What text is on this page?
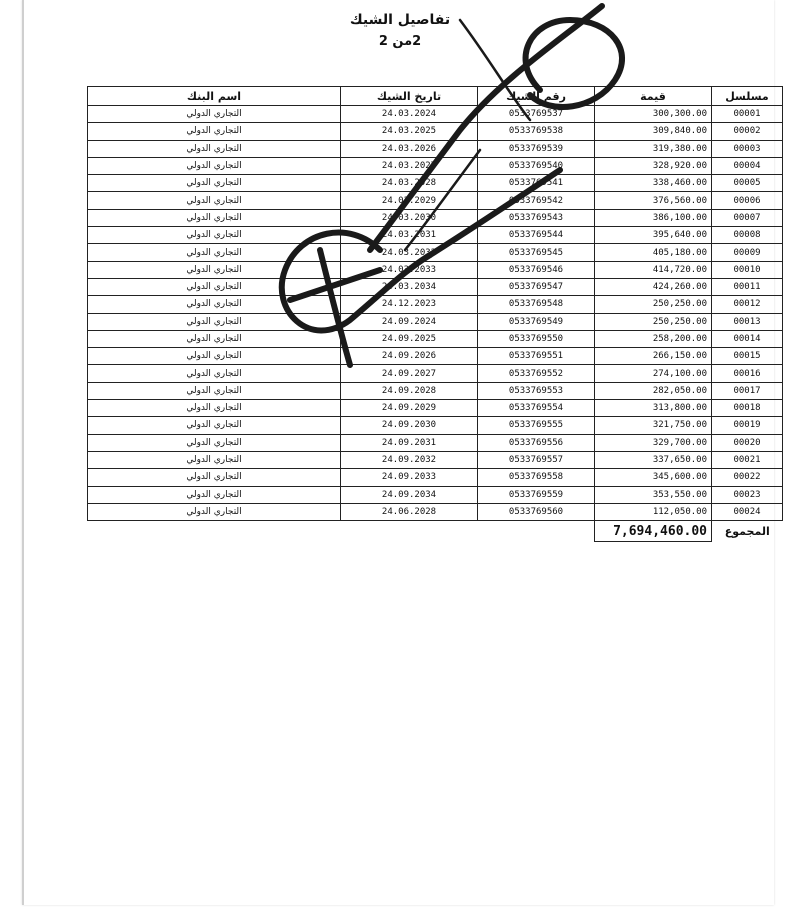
تفاصيل الشيك
2من 2
اسم البنك	تاريخ الشيك	رقم الشيك	قيمة	مسلسل
التجاري الدولي	24.03.2024	0533769537	300,300.00	00001
التجاري الدولي	24.03.2025	0533769538	309,840.00	00002
التجاري الدولي	24.03.2026	0533769539	319,380.00	00003
التجاري الدولي	24.03.2027	0533769540	328,920.00	00004
التجاري الدولي	24.03.2028	0533769541	338,460.00	00005
التجاري الدولي	24.03.2029	0533769542	376,560.00	00006
التجاري الدولي	24.03.2030	0533769543	386,100.00	00007
التجاري الدولي	24.03.2031	0533769544	395,640.00	00008
التجاري الدولي	24.03.2032	0533769545	405,180.00	00009
التجاري الدولي	24.03.2033	0533769546	414,720.00	00010
التجاري الدولي	24.03.2034	0533769547	424,260.00	00011
التجاري الدولي	24.12.2023	0533769548	250,250.00	00012
التجاري الدولي	24.09.2024	0533769549	250,250.00	00013
التجاري الدولي	24.09.2025	0533769550	258,200.00	00014
التجاري الدولي	24.09.2026	0533769551	266,150.00	00015
التجاري الدولي	24.09.2027	0533769552	274,100.00	00016
التجاري الدولي	24.09.2028	0533769553	282,050.00	00017
التجاري الدولي	24.09.2029	0533769554	313,800.00	00018
التجاري الدولي	24.09.2030	0533769555	321,750.00	00019
التجاري الدولي	24.09.2031	0533769556	329,700.00	00020
التجاري الدولي	24.09.2032	0533769557	337,650.00	00021
التجاري الدولي	24.09.2033	0533769558	345,600.00	00022
التجاري الدولي	24.09.2034	0533769559	353,550.00	00023
التجاري الدولي	24.06.2028	0533769560	112,050.00	00024
			7,694,460.00	المجموع
